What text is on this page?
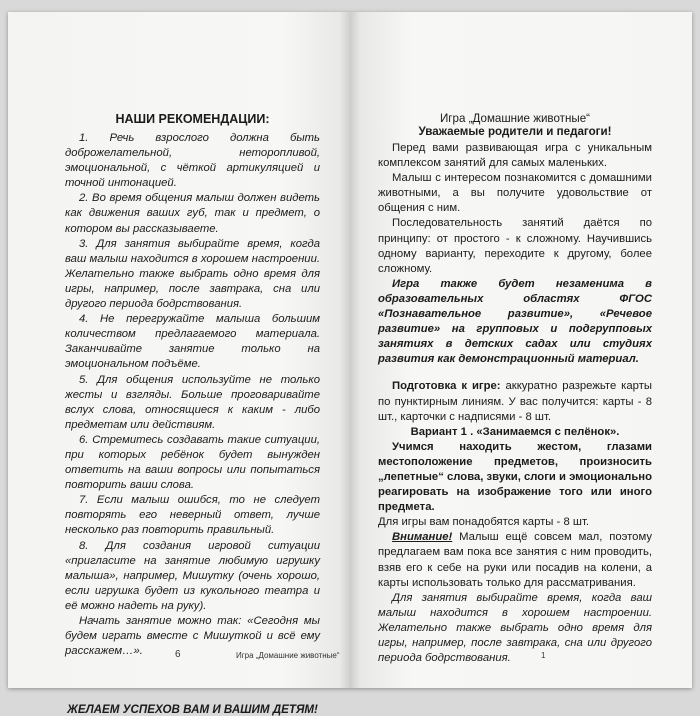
НАШИ РЕКОМЕНДАЦИИ:

1. Речь взрослого должна быть доброжелательной, неторопливой, эмоциональной, с чёткой артикуляцией и точной интонацией.

2. Во время общения малыш должен видеть как движения ваших губ, так и предмет, о котором вы рассказываете.

3. Для занятия выбирайте время, когда ваш малыш находится в хорошем настроении. Желательно также выбрать одно время для игры, например, после завтрака, сна или другого периода бодрствования.

4. Не перегружайте малыша большим количеством предлагаемого материала. Заканчивайте занятие только на эмоциональном подъёме.

5. Для общения используйте не только жесты и взгляды. Больше проговаривайте вслух слова, относящиеся к каким - либо предметам или действиям.

6. Стремитесь создавать такие ситуации, при которых ребёнок будет вынужден ответить на ваши вопросы или попытаться повторить ваши слова.

7. Если малыш ошибся, то не следует повторять его неверный ответ, лучше несколько раз повторить правильный.

8. Для создания игровой ситуации «пригласите на занятие любимую игрушку малыша», например, Мишутку (очень хорошо, если игрушка будет из кукольного театра и её можно надеть на руку).

Начать занятие можно так: «Сегодня мы будем играть вместе с Мишуткой и всё ему расскажем…».

ЖЕЛАЕМ УСПЕХОВ ВАМ И ВАШИМ ДЕТЯМ!

6	Игра „Домашние животные“

Игра „Домашние животные“

Уважаемые родители и педагоги!

Перед вами развивающая игра с уникальным комплексом занятий для самых маленьких.

Малыш с интересом познакомится с домашними животными, а вы получите удовольствие от общения с ним.

Последовательность занятий даётся по принципу: от простого - к сложному. Научившись одному варианту, переходите к другому, более сложному.

Игра также будет незаменима в образовательных областях ФГОС «Познавательное развитие», «Речевое развитие» на групповых и подгрупповых занятиях в детских садах или студиях развития как демонстрационный материал.

Подготовка к игре: аккуратно разрежьте карты по пунктирным линиям. У вас получится: карты - 8 шт., карточки с надписями - 8 шт.

Вариант 1 . «Занимаемся с пелёнок».

Учимся находить жестом, глазами местоположение предметов, произносить „лепетные“ слова, звуки, слоги и эмоционально реагировать на изображение того или иного предмета.

Для игры вам понадобятся карты - 8 шт.

Внимание! Малыш ещё совсем мал, поэтому предлагаем вам пока все занятия с ним проводить, взяв его к себе на руки или посадив на колени, а карты использовать только для рассматривания.

Для занятия выбирайте время, когда ваш малыш находится в хорошем настроении. Желательно также выбрать одно время для игры, например, после завтрака, сна или другого периода бодрствования.	1
